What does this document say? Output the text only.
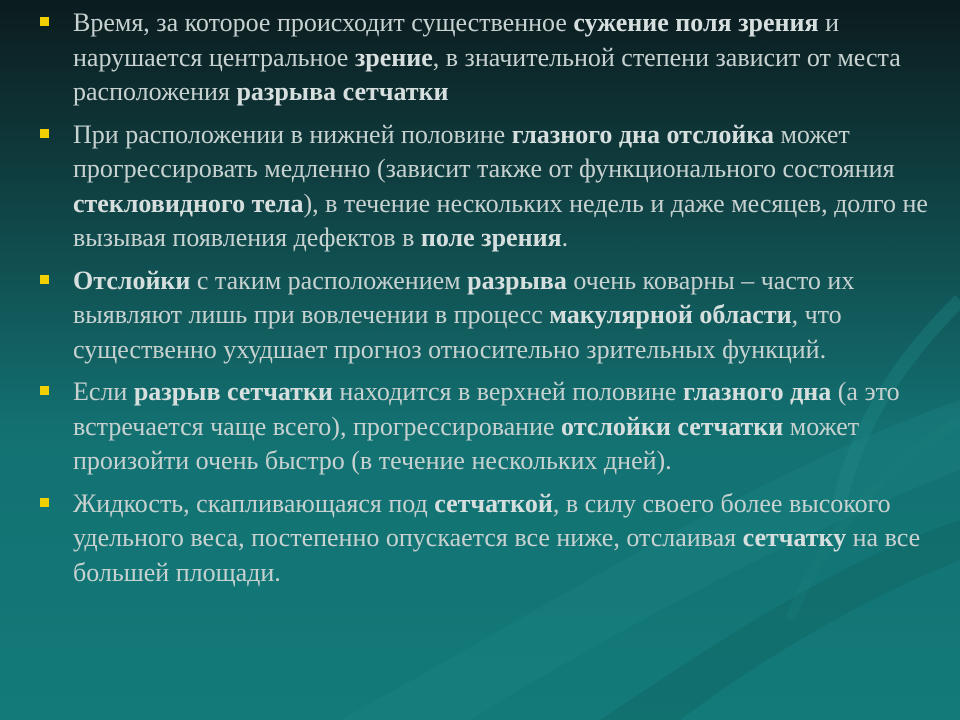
Время, за которое происходит существенное сужение поля зрения и нарушается центральное зрение, в значительной степени зависит от места расположения разрыва сетчатки

При расположении в нижней половине глазного дна отслойка может прогрессировать медленно (зависит также от функционального состояния стекловидного тела), в течение нескольких недель и даже месяцев, долго не вызывая появления дефектов в поле зрения.

Отслойки с таким расположением разрыва очень коварны – часто их выявляют лишь при вовлечении в процесс макулярной области, что существенно ухудшает прогноз относительно зрительных функций.

Если разрыв сетчатки находится в верхней половине глазного дна (а это встречается чаще всего), прогрессирование отслойки сетчатки может произойти очень быстро (в течение нескольких дней).

Жидкость, скапливающаяся под сетчаткой, в силу своего более высокого удельного веса, постепенно опускается все ниже, отслаивая сетчатку на все большей площади.
